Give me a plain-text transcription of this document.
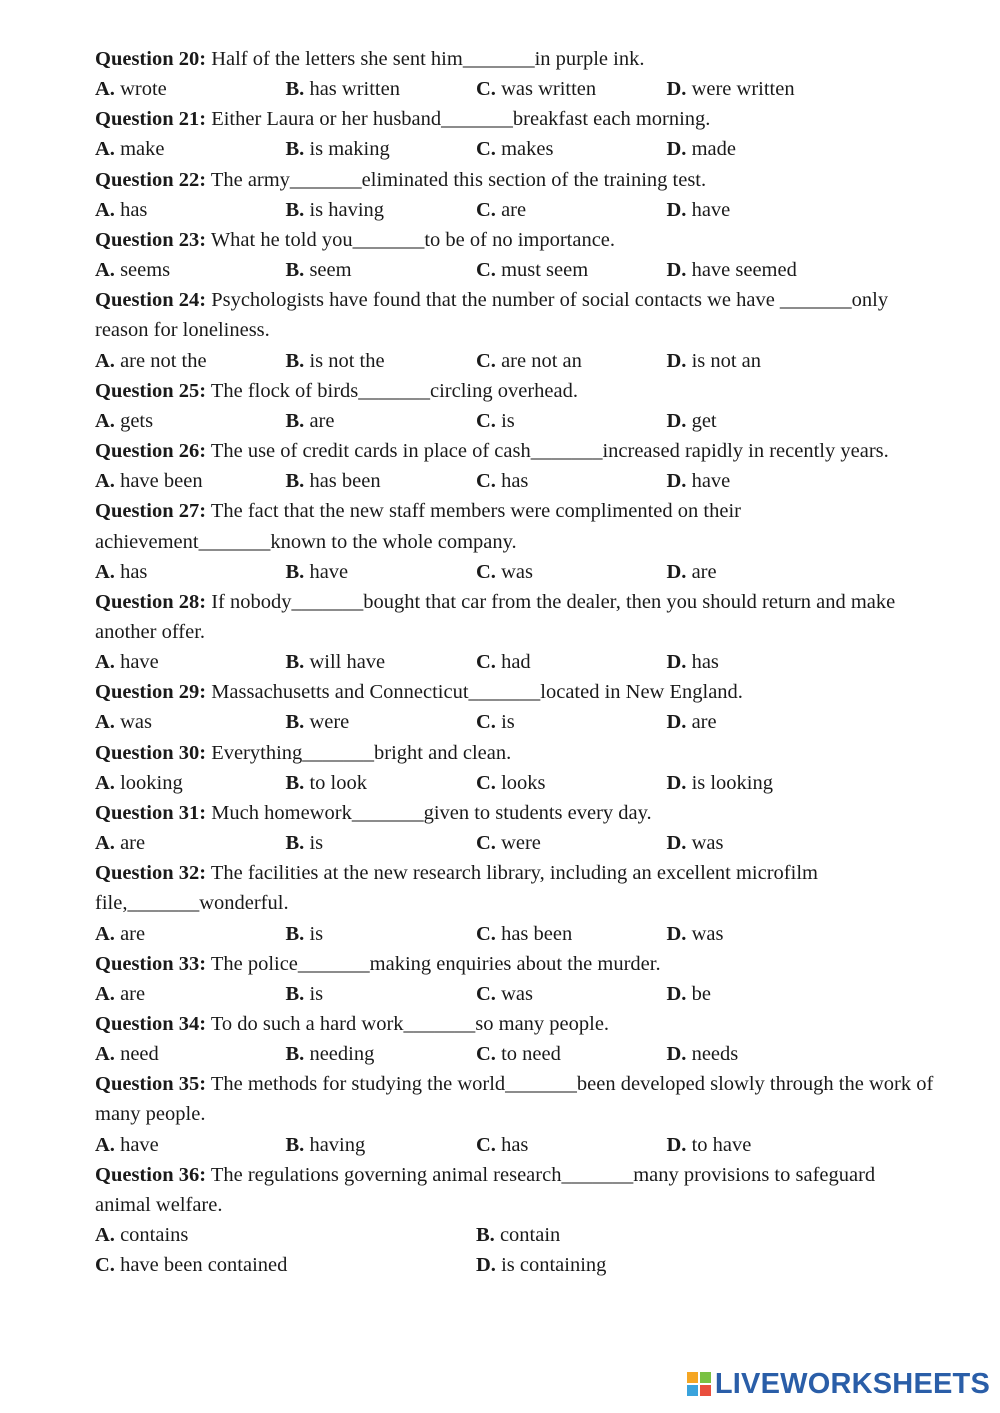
Question 20: Half of the letters she sent him_______in purple ink.
A. wrote	B. has written	C. was written	D. were written
Question 21: Either Laura or her husband_______breakfast each morning.
A. make	B. is making	C. makes	D. made
Question 22: The army_______eliminated this section of the training test.
A. has	B. is having	C. are	D. have
Question 23: What he told you_______to be of no importance.
A. seems	B. seem	C. must seem	D. have seemed
Question 24: Psychologists have found that the number of social contacts we have _______only reason for loneliness.
A. are not the	B. is not the	C. are not an	D. is not an
Question 25: The flock of birds_______circling overhead.
A. gets	B. are	C. is	D. get
Question 26: The use of credit cards in place of cash_______increased rapidly in recently years.
A. have been	B. has been	C. has	D. have
Question 27: The fact that the new staff members were complimented on their achievement_______known to the whole company.
A. has	B. have	C. was	D. are
Question 28: If nobody_______bought that car from the dealer, then you should return and make another offer.
A. have	B. will have	C. had	D. has
Question 29: Massachusetts and Connecticut_______located in New England.
A. was	B. were	C. is	D. are
Question 30: Everything_______bright and clean.
A. looking	B. to look	C. looks	D. is looking
Question 31: Much homework_______given to students every day.
A. are	B. is	C. were	D. was
Question 32: The facilities at the new research library, including an excellent microfilm file,_______wonderful.
A. are	B. is	C. has been	D. was
Question 33: The police_______making enquiries about the murder.
A. are	B. is	C. was	D. be
Question 34: To do such a hard work_______so many people.
A. need	B. needing	C. to need	D. needs
Question 35: The methods for studying the world_______been developed slowly through the work of many people.
A. have	B. having	C. has	D. to have
Question 36: The regulations governing animal research_______many provisions to safeguard animal welfare.
A. contains	B. contain
C. have been contained	D. is containing
LIVEWORKSHEETS
